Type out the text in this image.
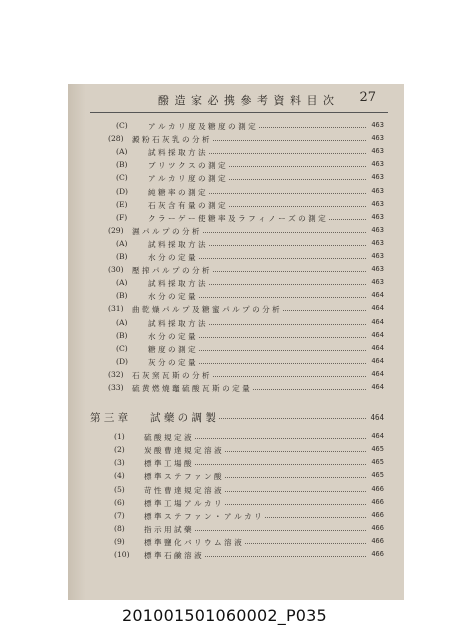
醱 造 家 必 携 參 考 資 料 目 次 27
(C)	ア ル カ リ 度 及 糖 度 の 測 定	463
(28) 澱 粉 石 灰 乳 の 分 析	463
(A)	試 料 採 取 方 法	463
(B)	ブ リ ツ ク ス の 測 定	463
(C)	ア ル カ リ 度 の 測 定	463
(D)	純 糖 率 の 測 定	463
(E)	石 灰 含 有 量 の 測 定	463
(F)	ク ラ ー ゲ ー 使 糖 率 及 ラ フ ィ ノ ー ズ の 測 定	463
(29) 濕 パ ル プ の 分 析	463
(A)	試 料 採 取 方 法	463
(B)	水 分 の 定 量	463
(30) 壓 搾 パ ル プ の 分 析	463
(A)	試 料 採 取 方 法	463
(B)	水 分 の 定 量	464
(31) 曲 乾 燥 パ ル プ 及 糖 蜜 パ ル プ の 分 析	464
(A)	試 料 採 取 方 法	464
(B)	水 分 の 定 量	464
(C)	糖 度 の 測 定	464
(D)	灰 分 の 定 量	464
(32) 石 灰 窯 瓦 斯 の 分 析	464
(33) 硫 黄 燃 燒 竈 硫 酸 瓦 斯 の 定 量	464
第 三 章 試 藥 の 調 製	464
(1)	硫 酸 規 定 液	464
(2)	炭 酸 曹 達 規 定 溶 液	465
(3)	標 準 工 場 酸	465
(4)	標 準 ス テ フ ァ ン 酸	465
(5)	苛 性 曹 達 規 定 溶 液	466
(6)	標 準 工 場 ア ル カ リ	466
(7)	標 準 ス テ フ ァ ン ・ ア ル カ リ	466
(8)	指 示 用 試 藥	466
(9)	標 準 鹽 化 バ リ ウ ム 溶 液	466
(10) 標 準 石 鹼 溶 液	466
201001501060002_P035
